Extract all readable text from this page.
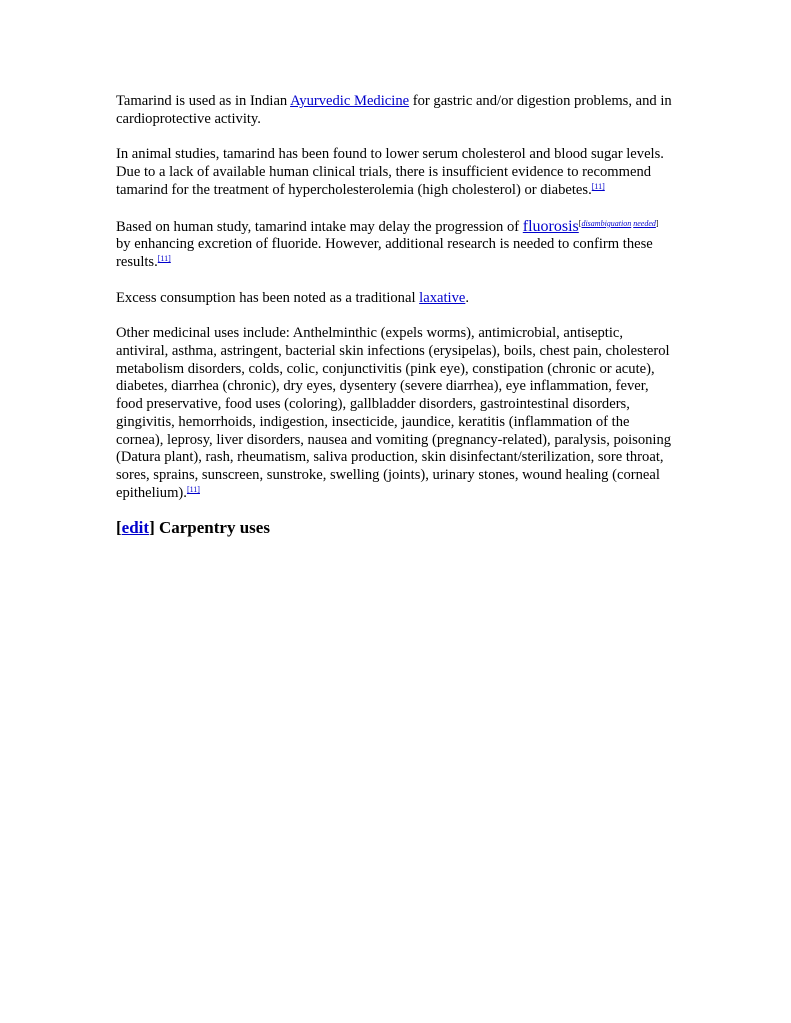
Tamarind is used as in Indian Ayurvedic Medicine for gastric and/or digestion problems, and in cardioprotective activity.

In animal studies, tamarind has been found to lower serum cholesterol and blood sugar levels. Due to a lack of available human clinical trials, there is insufficient evidence to recommend tamarind for the treatment of hypercholesterolemia (high cholesterol) or diabetes.[11]

Based on human study, tamarind intake may delay the progression of fluorosis[disambiguation needed] by enhancing excretion of fluoride. However, additional research is needed to confirm these results.[11]

Excess consumption has been noted as a traditional laxative.

Other medicinal uses include: Anthelminthic (expels worms), antimicrobial, antiseptic, antiviral, asthma, astringent, bacterial skin infections (erysipelas), boils, chest pain, cholesterol metabolism disorders, colds, colic, conjunctivitis (pink eye), constipation (chronic or acute), diabetes, diarrhea (chronic), dry eyes, dysentery (severe diarrhea), eye inflammation, fever, food preservative, food uses (coloring), gallbladder disorders, gastrointestinal disorders, gingivitis, hemorrhoids, indigestion, insecticide, jaundice, keratitis (inflammation of the cornea), leprosy, liver disorders, nausea and vomiting (pregnancy-related), paralysis, poisoning (Datura plant), rash, rheumatism, saliva production, skin disinfectant/sterilization, sore throat, sores, sprains, sunscreen, sunstroke, swelling (joints), urinary stones, wound healing (corneal epithelium).[11]

[edit] Carpentry uses
